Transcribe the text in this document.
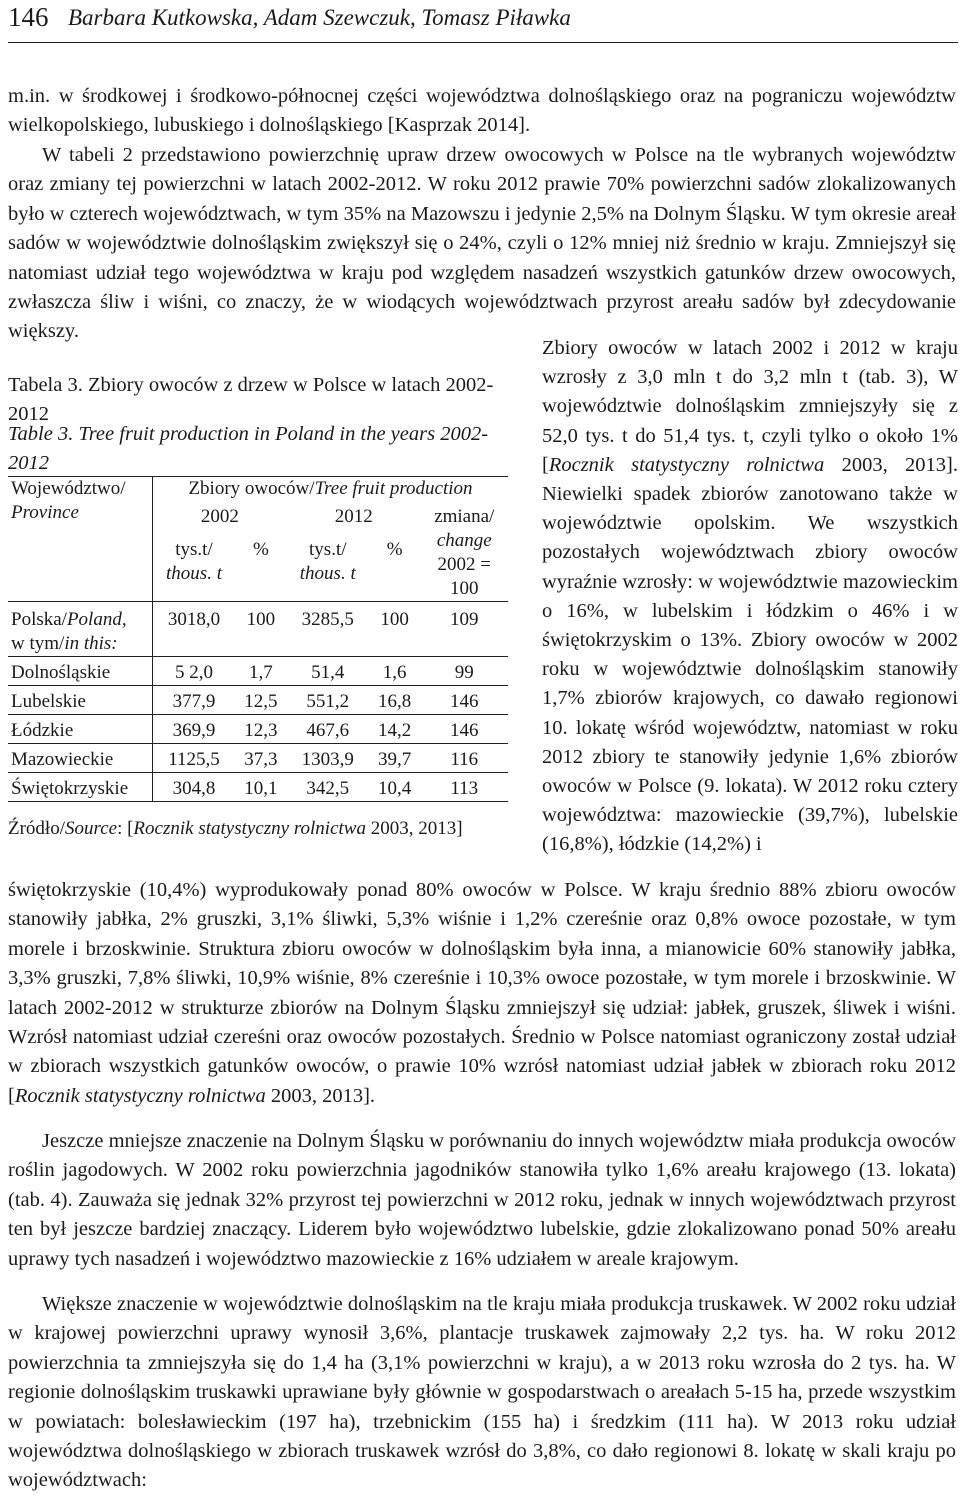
146 Barbara Kutkowska, Adam Szewczuk, Tomasz Piławka

m.in. w środkowej i środkowo-północnej części województwa dolnośląskiego oraz na pograniczu województw wielkopolskiego, lubuskiego i dolnośląskiego [Kasprzak 2014].

W tabeli 2 przedstawiono powierzchnię upraw drzew owocowych w Polsce na tle wybranych województw oraz zmiany tej powierzchni w latach 2002-2012. W roku 2012 prawie 70% powierzchni sadów zlokalizowanych było w czterech województwach, w tym 35% na Mazowszu i jedynie 2,5% na Dolnym Śląsku. W tym okresie areał sadów w województwie dolnośląskim zwiększył się o 24%, czyli o 12% mniej niż średnio w kraju. Zmniejszył się natomiast udział tego województwa w kraju pod względem nasadzeń wszystkich gatunków drzew owocowych, zwłaszcza śliw i wiśni, co znaczy, że w wiodących województwach przyrost areału sadów był zdecydowanie większy.

Zbiory owoców w latach 2002 i 2012 w kraju wzrosły z 3,0 mln t do 3,2 mln t (tab. 3), W województwie dolnośląskim zmniejszyły się z 52,0 tys. t do 51,4 tys. t, czyli tylko o około 1% [Rocznik statystyczny rolnictwa 2003, 2013]. Niewielki spadek zbiorów zanotowano także w województwie opolskim. We wszystkich pozostałych województwach zbiory owoców wyraźnie wzrosły: w województwie mazowieckim o 16%, w lubelskim i łódzkim o 46% i w świętokrzyskim o 13%. Zbiory owoców w 2002 roku w województwie dolnośląskim stanowiły 1,7% zbiorów krajowych, co dawało regionowi 10. lokatę wśród województw, natomiast w roku 2012 zbiory te stanowiły jedynie 1,6% zbiorów owoców w Polsce (9. lokata). W 2012 roku cztery województwa: mazowieckie (39,7%), lubelskie (16,8%), łódzkie (14,2%) i

Tabela 3. Zbiory owoców z drzew w Polsce w latach 2002-2012

Table 3. Tree fruit production in Poland in the years 2002-2012

Województwo/
Province	Zbiory owoców/Tree fruit production				
	2002		2012		zmiana/
change
2002 =
100
	tys.t/
thous. t	%	tys.t/
thous. t	%	
Polska/Poland,
w tym/in this:	3018,0	100	3285,5	100	109
Dolnośląskie	5 2,0	1,7	51,4	1,6	99
Lubelskie	377,9	12,5	551,2	16,8	146
Łódzkie	369,9	12,3	467,6	14,2	146
Mazowieckie	1125,5	37,3	1303,9	39,7	116
Świętokrzyskie	304,8	10,1	342,5	10,4	113
Źródło/Source: [Rocznik statystyczny rolnictwa 2003, 2013]

świętokrzyskie (10,4%) wyprodukowały ponad 80% owoców w Polsce. W kraju średnio 88% zbioru owoców stanowiły jabłka, 2% gruszki, 3,1% śliwki, 5,3% wiśnie i 1,2% czereśnie oraz 0,8% owoce pozostałe, w tym morele i brzoskwinie. Struktura zbioru owoców w dolnośląskim była inna, a mianowicie 60% stanowiły jabłka, 3,3% gruszki, 7,8% śliwki, 10,9% wiśnie, 8% czereśnie i 10,3% owoce pozostałe, w tym morele i brzoskwinie. W latach 2002-2012 w strukturze zbiorów na Dolnym Śląsku zmniejszył się udział: jabłek, gruszek, śliwek i wiśni. Wzrósł natomiast udział czereśni oraz owoców pozostałych. Średnio w Polsce natomiast ograniczony został udział w zbiorach wszystkich gatunków owoców, o prawie 10% wzrósł natomiast udział jabłek w zbiorach roku 2012 [Rocznik statystyczny rolnictwa 2003, 2013].

Jeszcze mniejsze znaczenie na Dolnym Śląsku w porównaniu do innych województw miała produkcja owoców roślin jagodowych. W 2002 roku powierzchnia jagodników stanowiła tylko 1,6% areału krajowego (13. lokata) (tab. 4). Zauważa się jednak 32% przyrost tej powierzchni w 2012 roku, jednak w innych województwach przyrost ten był jeszcze bardziej znaczący. Liderem było województwo lubelskie, gdzie zlokalizowano ponad 50% areału uprawy tych nasadzeń i województwo mazowieckie z 16% udziałem w areale krajowym.

Większe znaczenie w województwie dolnośląskim na tle kraju miała produkcja truskawek. W 2002 roku udział w krajowej powierzchni uprawy wynosił 3,6%, plantacje truskawek zajmowały 2,2 tys. ha. W roku 2012 powierzchnia ta zmniejszyła się do 1,4 ha (3,1% powierzchni w kraju), a w 2013 roku wzrosła do 2 tys. ha. W regionie dolnośląskim truskawki uprawiane były głównie w gospodarstwach o areałach 5-15 ha, przede wszystkim w powiatach: bolesławieckim (197 ha), trzebnickim (155 ha) i średzkim (111 ha). W 2013 roku udział województwa dolnośląskiego w zbiorach truskawek wzrósł do 3,8%, co dało regionowi 8. lokatę w skali kraju po województwach:
